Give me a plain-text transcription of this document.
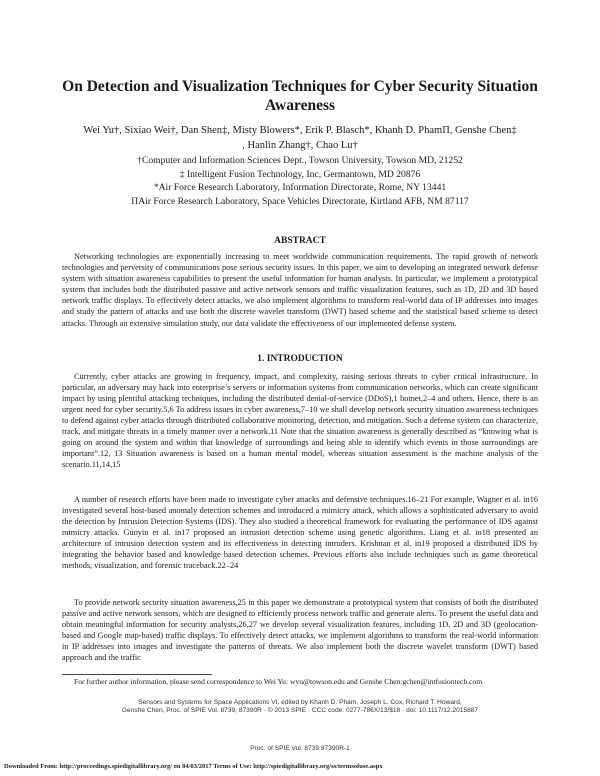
On Detection and Visualization Techniques for Cyber Security Situation Awareness
Wei Yu†, Sixiao Wei†, Dan Shen‡, Misty Blowers*, Erik P. Blasch*, Khanh D. PhamΠ, Genshe Chen‡
, Hanlin Zhang†, Chao Lu†
†Computer and Information Sciences Dept., Towson University, Towson MD, 21252
‡ Intelligent Fusion Technology, Inc, Germantown, MD 20876
*Air Force Research Laboratory, Information Directorate, Rome, NY 13441
ΠAir Force Research Laboratory, Space Vehicles Directorate, Kirtland AFB, NM 87117
ABSTRACT
Networking technologies are exponentially increasing to meet worldwide communication requirements. The rapid growth of network technologies and perversity of communications pose serious security issues. In this paper, we aim to developing an integrated network defense system with situation awareness capabilities to present the useful information for human analysts. In particular, we implement a prototypical system that includes both the distributed passive and active network sensors and traffic visualization features, such as 1D, 2D and 3D based network traffic displays. To effectively detect attacks, we also implement algorithms to transform real-world data of IP addresses into images and study the pattern of attacks and use both the discrete wavelet transform (DWT) based scheme and the statistical based scheme to detect attacks. Through an extensive simulation study, our data validate the effectiveness of our implemented defense system.
1. INTRODUCTION
Currently, cyber attacks are growing in frequency, impact, and complexity, raising serious threats to cyber critical infrastructure. In particular, an adversary may hack into enterprise’s servers or information systems from communication networks, which can create significant impact by using plentiful attacking techniques, including the distributed denial-of-service (DDoS),1 botnet,2–4 and others. Hence, there is an urgent need for cyber security.5,6 To address issues in cyber awareness,7–10 we shall develop network security situation awareness techniques to defend against cyber attacks through distributed collaborative monitoring, detection, and mitigation. Such a defense system can characterize, track, and mitigate threats in a timely manner over a network.11 Note that the situation awareness is generally described as “knowing what is going on around the system and within that knowledge of surroundings and being able to identify which events in those surroundings are important”.12, 13 Situation awareness is based on a human mental model, whereas situation assessment is the machine analysis of the scenario.11,14,15
A number of research efforts have been made to investigate cyber attacks and defensive techniques.16–21 For example, Wagner et al. in16 investigated several host-based anomaly detection schemes and introduced a mimicry attack, which allows a sophisticated adversary to avoid the detection by Intrusion Detection Systems (IDS). They also studied a theoretical framework for evaluating the performance of IDS against mimicry attacks. Guoyin et al. in17 proposed an intrusion detection scheme using genetic algorithms. Liang et al. in18 presented an architecture of intrusion detection system and its effectiveness in detecting intruders. Krishnan et al. in19 proposed a distributed IDS by integrating the behavior based and knowledge based detection schemes. Previous efforts also include techniques such as game theoretical methods, visualization, and forensic traceback.22–24
To provide network security situation awareness,25 in this paper we demonstrate a prototypical system that consists of both the distributed passive and active network sensors, which are designed to efficiently process network traffic and generate alerts. To present the useful data and obtain meaningful information for security analysts,26,27 we develop several visualization features, including 1D, 2D and 3D (geolocation-based and Google map-based) traffic displays. To effectively detect attacks, we implement algorithms to transform the real-world information in IP addresses into images and investigate the patterns of threats. We also implement both the discrete wavelet transform (DWT) based approach and the traffic
For further author information, please send correspondence to Wei Yu: wyu@towson.edu and Genshe Chen:gchen@intfusiontech.com
Sensors and Systems for Space Applications VI, edited by Khanh D. Pham, Joseph L. Cox, Richard T. Howard,
Genshe Chen, Proc. of SPIE Vol. 8739, 87390R · © 2013 SPIE · CCC code: 0277-786X/13/$18 · doi: 10.1117/12.2015887
Proc. of SPIE Vol. 8739 87390R-1
Downloaded From: http://proceedings.spiedigitallibrary.org/ on 04/03/2017 Terms of Use: http://spiedigitallibrary.org/ss/termsofuse.aspx
